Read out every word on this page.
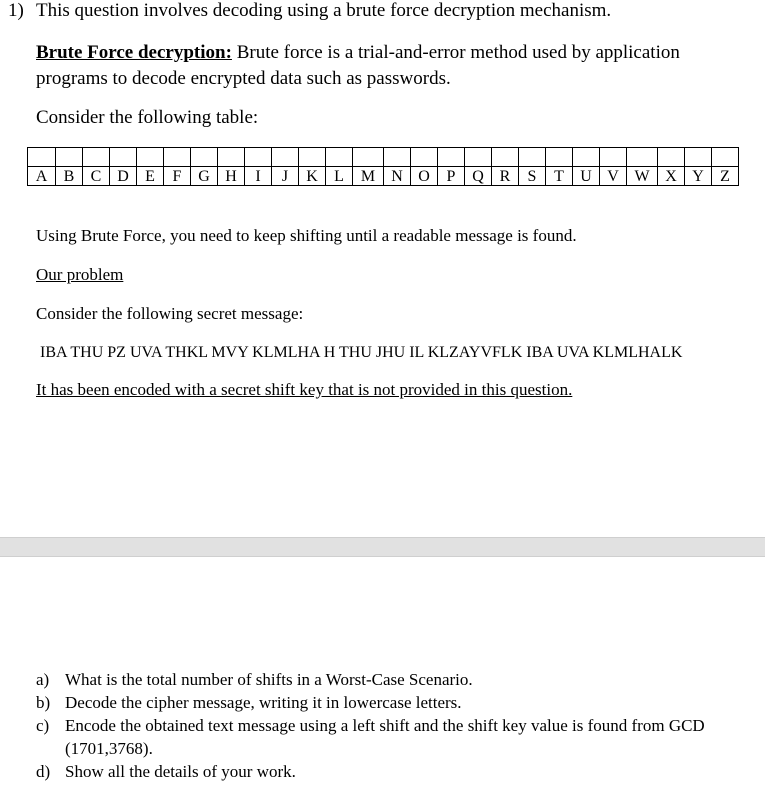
1) This question involves decoding using a brute force decryption mechanism.
Brute Force decryption: Brute force is a trial-and-error method used by application programs to decode encrypted data such as passwords.
Consider the following table:

A	B	C	D	E	F	G	H	I	J	K	L	M	N	O	P	Q	R	S	T	U	V	W	X	Y	Z
Using Brute Force, you need to keep shifting until a readable message is found.
Our problem
Consider the following secret message:
IBA THU PZ UVA THKL MVY KLMLHA H THU JHU IL KLZAYVFLK IBA UVA KLMLHALK
It has been encoded with a secret shift key that is not provided in this question.
a) What is the total number of shifts in a Worst-Case Scenario.
b) Decode the cipher message, writing it in lowercase letters.
c) Encode the obtained text message using a left shift and the shift key value is found from GCD (1701,3768).
d) Show all the details of your work.
